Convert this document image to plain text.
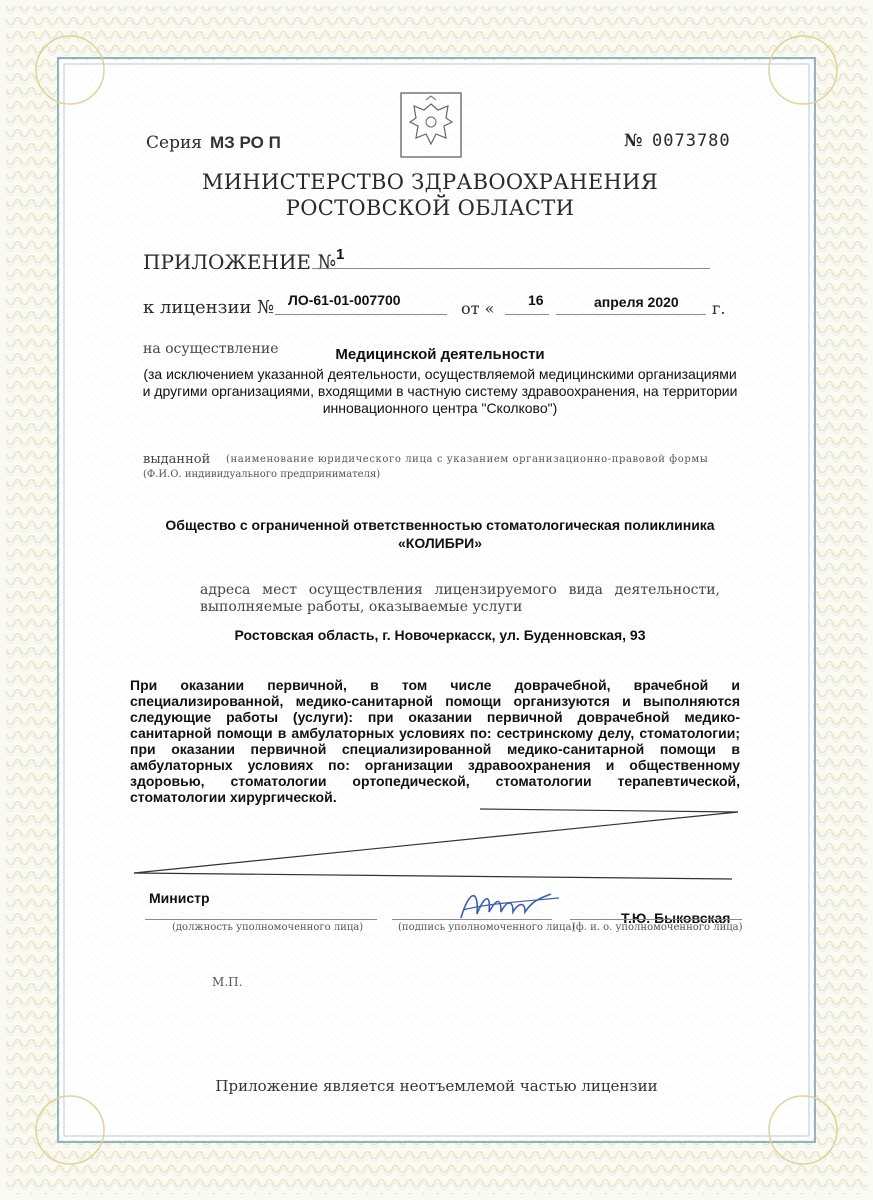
Серия МЗ РО П	№ 0073780
МИНИСТЕРСТВО ЗДРАВООХРАНЕНИЯ
РОСТОВСКОЙ ОБЛАСТИ
ПРИЛОЖЕНИЕ № 1
к лицензии № ЛО-61-01-007700	от « 16	апреля 2020 г.
на осуществление	Медицинской деятельности
(за исключением указанной деятельности, осуществляемой медицинскими организациями и другими организациями, входящими в частную систему здравоохранения, на территории инновационного центра "Сколково")
выданной (наименование юридического лица с указанием организационно-правовой формы
(Ф.И.О. индивидуального предпринимателя)
Общество с ограниченной ответственностью стоматологическая поликлиника «КОЛИБРИ»
адреса мест осуществления лицензируемого вида деятельности, выполняемые работы, оказываемые услуги
Ростовская область, г. Новочеркасск, ул. Буденновская, 93
При оказании первичной, в том числе доврачебной, врачебной и специализированной, медико-санитарной помощи организуются и выполняются следующие работы (услуги): при оказании первичной доврачебной медико-санитарной помощи в амбулаторных условиях по: сестринскому делу, стоматологии; при оказании первичной специализированной медико-санитарной помощи в амбулаторных условиях по: организации здравоохранения и общественному здоровью, стоматологии ортопедической, стоматологии терапевтической, стоматологии хирургической.
Министр
(должность уполномоченного лица)	(подпись уполномоченного лица)
Т.Ю. Быковская
(ф. и. о. уполномоченного лица)
М.П.
Приложение является неотъемлемой частью лицензии
